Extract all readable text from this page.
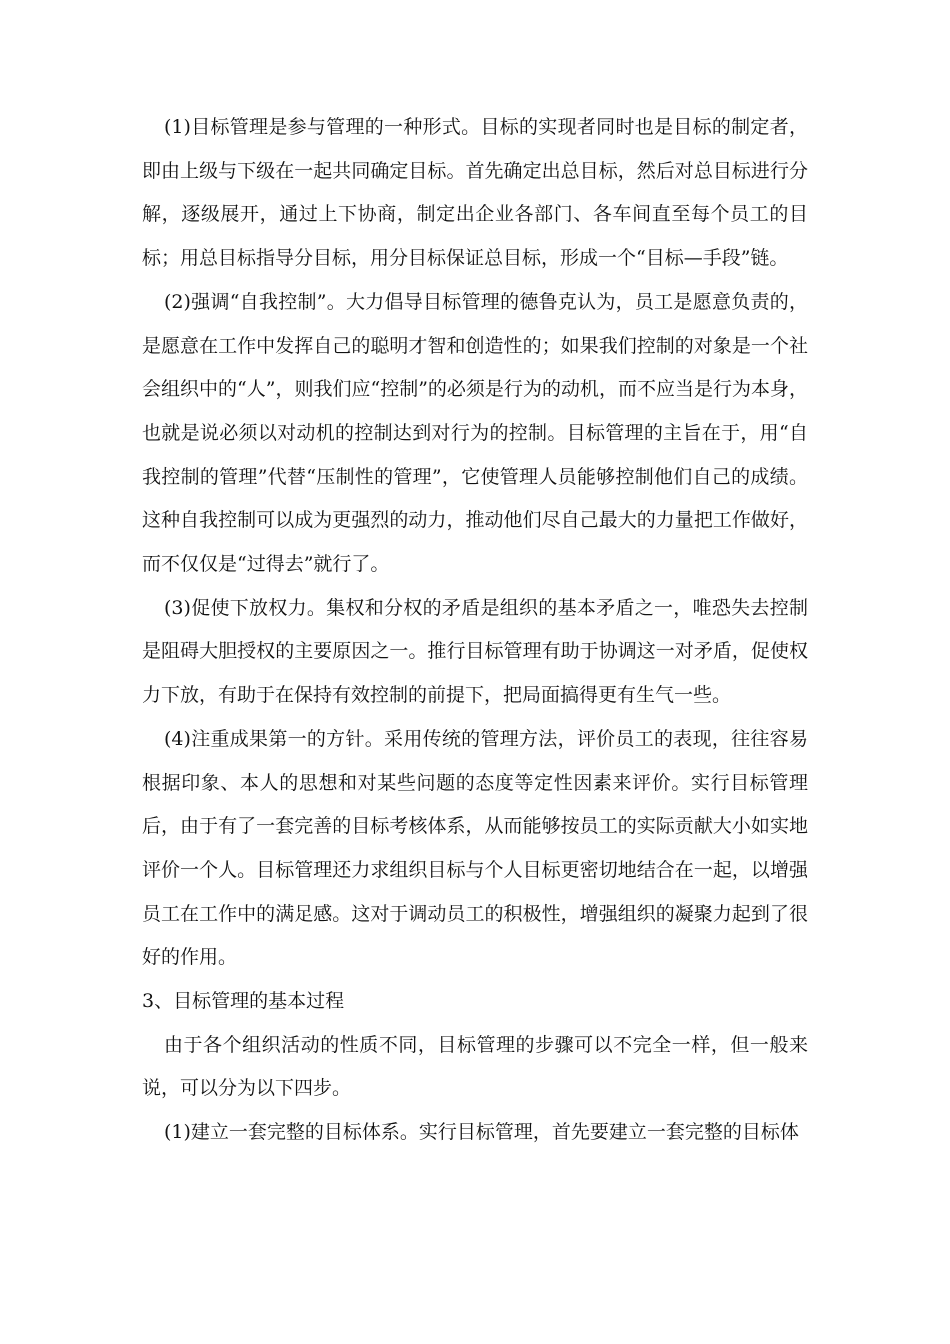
(1)目标管理是参与管理的一种形式。目标的实现者同时也是目标的制定者，即由上级与下级在一起共同确定目标。首先确定出总目标，然后对总目标进行分解，逐级展开，通过上下协商，制定出企业各部门、各车间直至每个员工的目标；用总目标指导分目标，用分目标保证总目标，形成一个“目标—手段”链。

(2)强调“自我控制”。大力倡导目标管理的德鲁克认为，员工是愿意负责的，是愿意在工作中发挥自己的聪明才智和创造性的；如果我们控制的对象是一个社会组织中的“人”，则我们应“控制”的必须是行为的动机，而不应当是行为本身，也就是说必须以对动机的控制达到对行为的控制。目标管理的主旨在于，用“自我控制的管理”代替“压制性的管理”，它使管理人员能够控制他们自己的成绩。这种自我控制可以成为更强烈的动力，推动他们尽自己最大的力量把工作做好，而不仅仅是“过得去”就行了。

(3)促使下放权力。集权和分权的矛盾是组织的基本矛盾之一，唯恐失去控制是阻碍大胆授权的主要原因之一。推行目标管理有助于协调这一对矛盾，促使权力下放，有助于在保持有效控制的前提下，把局面搞得更有生气一些。

(4)注重成果第一的方针。采用传统的管理方法，评价员工的表现，往往容易根据印象、本人的思想和对某些问题的态度等定性因素来评价。实行目标管理后，由于有了一套完善的目标考核体系，从而能够按员工的实际贡献大小如实地评价一个人。目标管理还力求组织目标与个人目标更密切地结合在一起，以增强员工在工作中的满足感。这对于调动员工的积极性，增强组织的凝聚力起到了很好的作用。

3、目标管理的基本过程

由于各个组织活动的性质不同，目标管理的步骤可以不完全一样，但一般来说，可以分为以下四步。

(1)建立一套完整的目标体系。实行目标管理，首先要建立一套完整的目标体
